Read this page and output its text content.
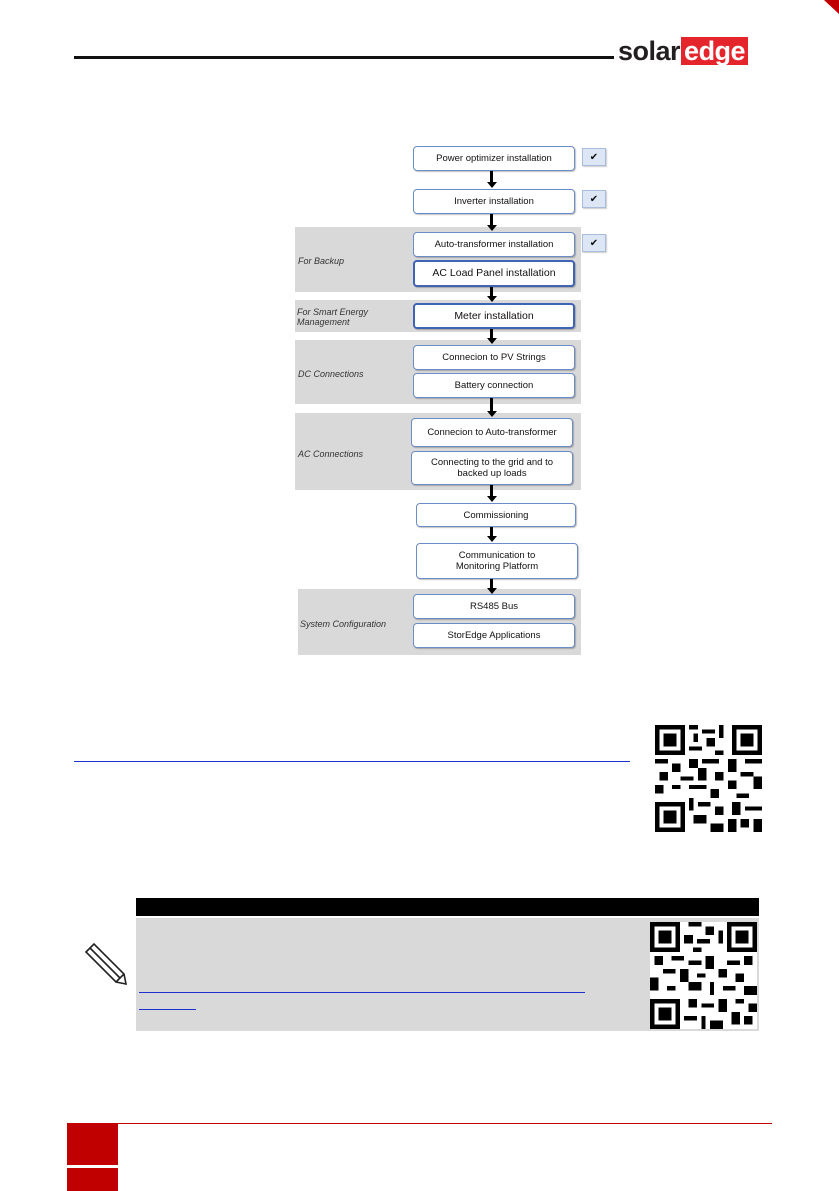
solar edge
For Backup
For Smart Energy Management
DC Connections
AC Connections
System Configuration
Power optimizer installation
Inverter installation
Auto-transformer installation
AC Load Panel installation
Meter installation
Connecion to PV Strings
Battery connection
Connecion to Auto-transformer
Connecting to the grid and to backed up loads
Commissioning
Communication to Monitoring Platform
RS485 Bus
StorEdge Applications
✔
✔
✔
